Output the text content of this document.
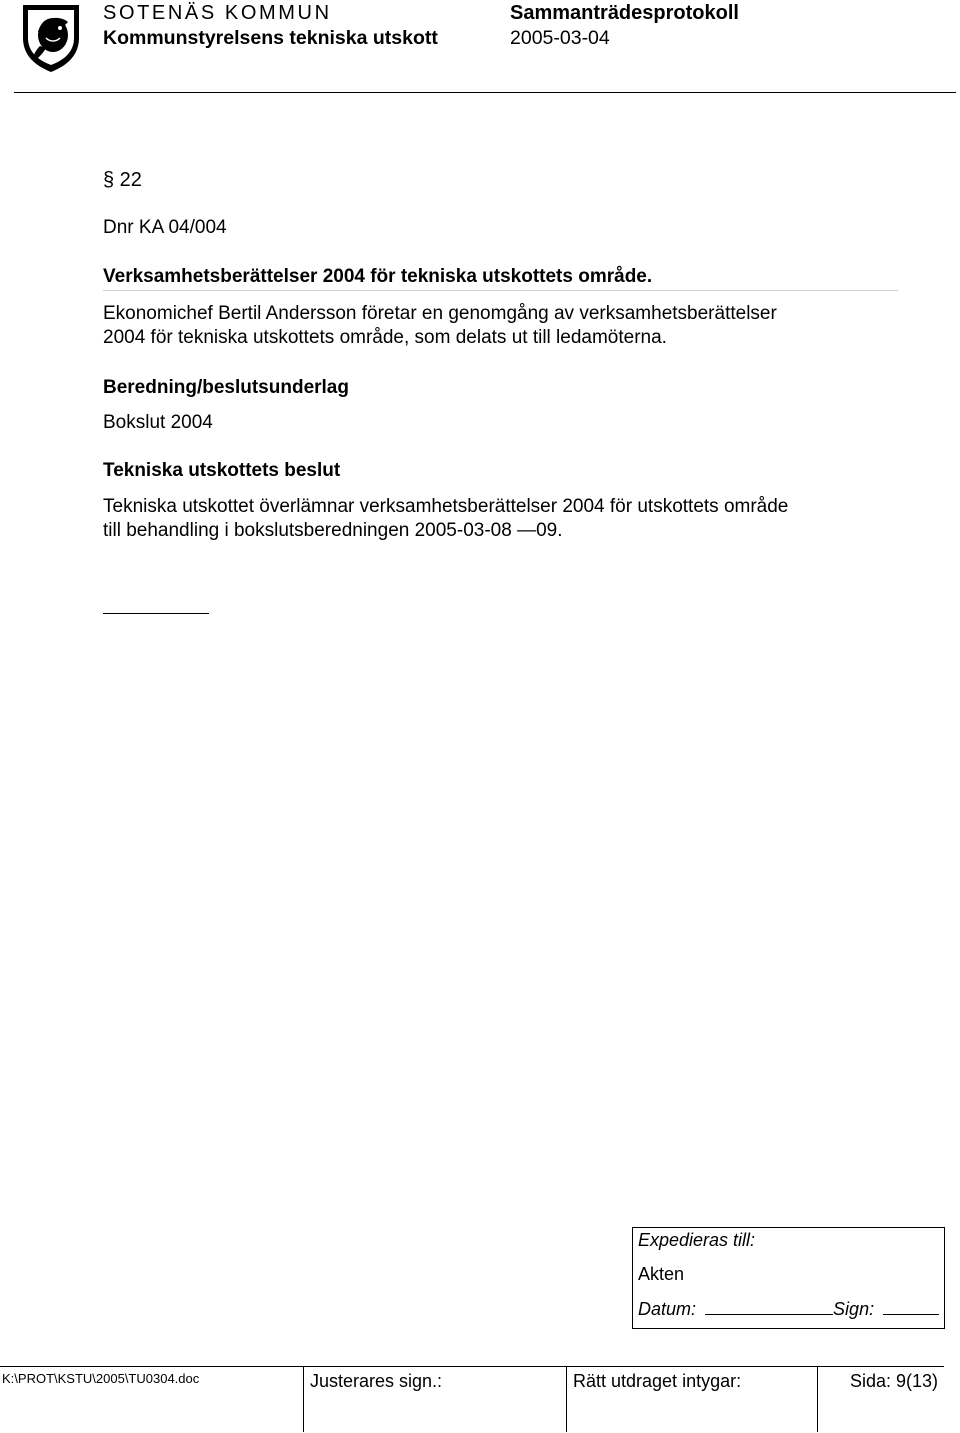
SOTENÄS KOMMUN
Kommunstyrelsens tekniska utskott
Sammanträdesprotokoll
2005-03-04
§ 22
Dnr KA 04/004
Verksamhetsberättelser 2004 för tekniska utskottets område.
Ekonomichef Bertil Andersson företar en genomgång av verksamhetsberättelser
2004 för tekniska utskottets område, som delats ut till ledamöterna.
Beredning/beslutsunderlag
Bokslut 2004
Tekniska utskottets beslut
Tekniska utskottet överlämnar verksamhetsberättelser 2004 för utskottets område
till behandling i bokslutsberedningen 2005-03-08 —09.
Expedieras till:
Akten
Datum:	Sign:
K:\PROT\KSTU\2005\TU0304.doc	Justerares sign.:	Rätt utdraget intygar:	Sida: 9(13)
